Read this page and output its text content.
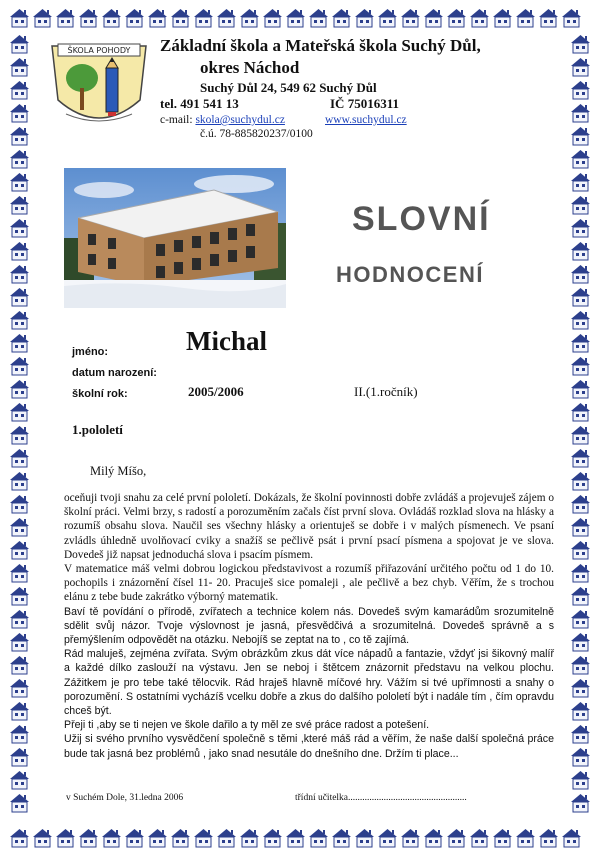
ŠKOLA POHODY Základní škola a Mateřská škola Suchý Důl,
okres Náchod
Suchý Důl 24, 549 62 Suchý Důl
tel. 491 541 13	IČ 75016311
c-mail: skola@suchydul.cz	www.suchydul.cz
č.ú. 78-885820237/0100
SLOVNÍ
HODNOCENÍ
jméno:	Michal
datum narození:
školní rok:	2005/2006	II.(1.ročník)
1.pololetí
Milý Míšo,

oceňuji tvoji snahu za celé první pololetí. Dokázals, že školní povinnosti dobře zvládáš a projevuješ zájem o školní práci. Velmi brzy, s radostí a porozuměním začals číst první slova. Ovládáš rozklad slova na hlásky a rozumíš obsahu slova. Naučil ses všechny hlásky a orientuješ se dobře i v malých písmenech. Ve psaní zvládls úhledně uvolňovací cviky a snažíš se pečlivě psát i první psací písmena a spojovat je ve slova. Dovedeš již napsat jednoduchá slova i psacím písmem.

V matematice máš velmi dobrou logickou představivost a rozumíš přiřazování určitého počtu od 1 do 10. pochopils i znázornění čísel 11- 20. Pracuješ sice pomaleji , ale pečlivě a bez chyb. Věřím, že s trochou elánu z tebe bude zakrátko výborný matematik.

Baví tě povídání o přírodě, zvířatech a technice kolem nás. Dovedeš svým kamarádům srozumitelně sdělit svůj názor. Tvoje výslovnost je jasná, přesvědčivá a srozumitelná. Dovedeš správně a s přemýšlením odpovědět na otázku. Nebojíš se zeptat na to , co tě zajímá.

Rád maluješ, zejména zvířata. Svým obrázkům zkus dát více nápadů a fantazie, vždyť jsi šikovný malíř a každé dílko zaslouží na výstavu. Jen se neboj i štětcem znázornit představu na velkou plochu. Zážitkem je pro tebe také tělocvik. Rád hraješ hlavně míčové hry. Vážím si tvé upřímnosti a snahy o porozumění. S ostatními vycházíš vcelku dobře a zkus do dalšího pololetí být i nadále tím , čím opravdu chceš být.

Přeji ti ,aby se ti nejen ve škole dařilo a ty měl ze své práce radost a potešení.

Užij si svého prvního vysvědčení společně s těmi ,které máš rád a věřím, že naše další společná práce bude tak jasná bez problémů , jako snad nesutále do dnešního dne. Držím ti place...

v Suchém Dole, 31.ledna 2006	třídní učitelka..................................................
